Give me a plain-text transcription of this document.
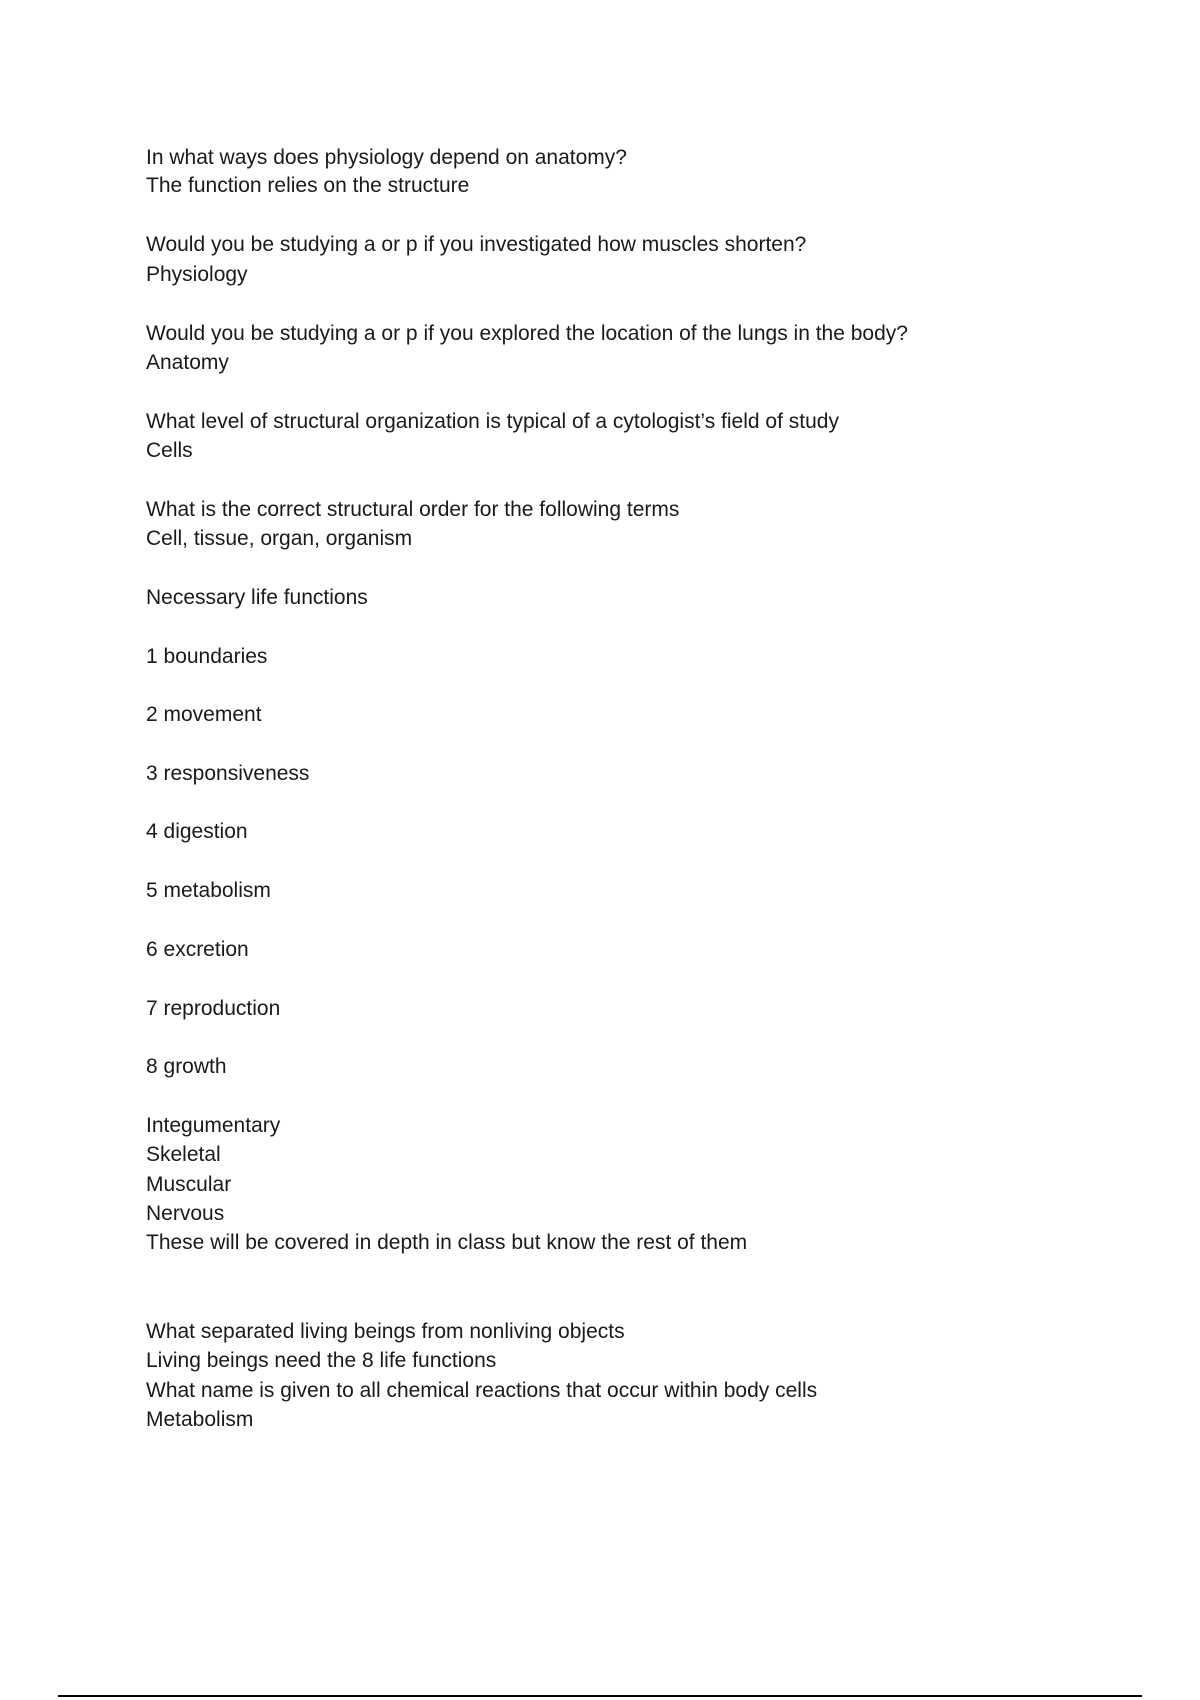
In what ways does physiology depend on anatomy?
The function relies on the structure
Would you be studying a or p if you investigated how muscles shorten?
Physiology
Would you be studying a or p if you explored the location of the lungs in the body?
Anatomy
What level of structural organization is typical of a cytologist’s field of study
Cells
What is the correct structural order for the following terms
Cell, tissue, organ, organism
Necessary life functions
1 boundaries
2 movement
3 responsiveness
4 digestion
5 metabolism
6 excretion
7 reproduction
8 growth
Integumentary
Skeletal
Muscular
Nervous
These will be covered in depth in class but know the rest of them
What separated living beings from nonliving objects
Living beings need the 8 life functions
What name is given to all chemical reactions that occur within body cells
Metabolism
